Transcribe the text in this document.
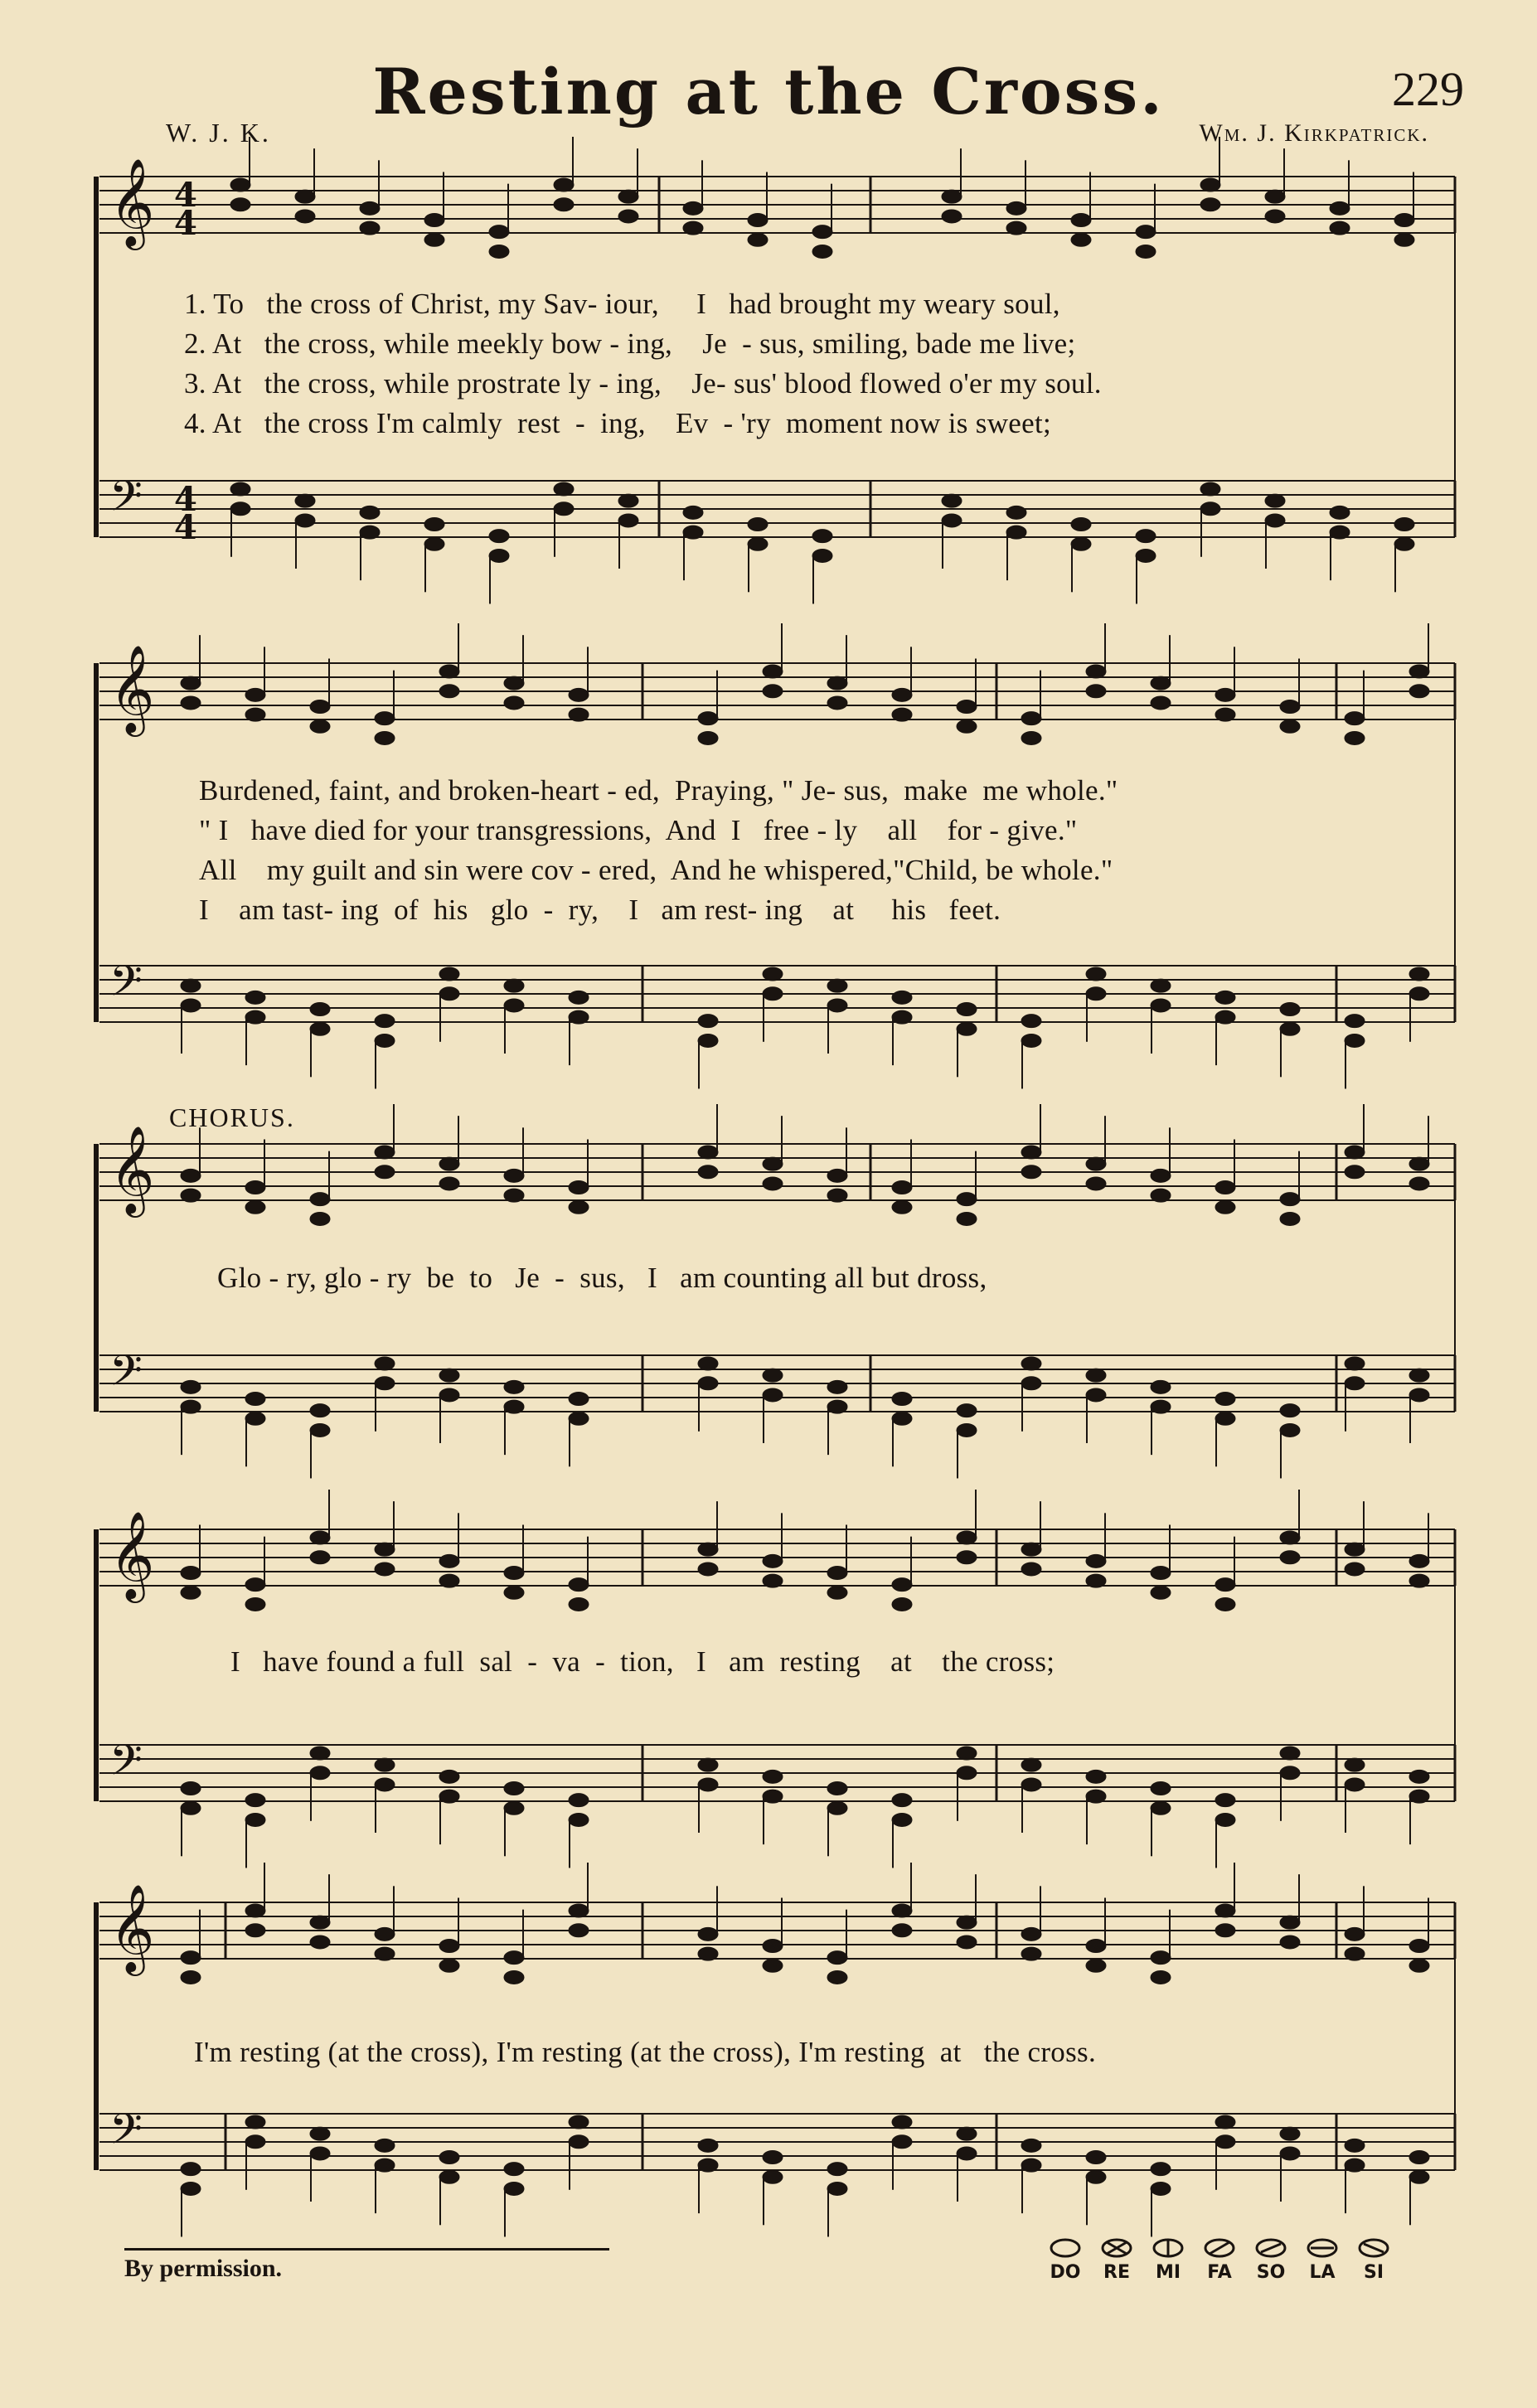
Resting at the Cross.	229
W. J. K.	Wm. J. Kirkpatrick.
𝄞 4
4
𝄢 4
4
𝄞
𝄢
𝄞
𝄢
𝄞
𝄢
𝄞
𝄢
1. To   the cross of Christ, my Sav- iour,     I   had brought my weary soul,
2. At   the cross, while meekly bow - ing,    Je  - sus, smiling, bade me live;
3. At   the cross, while prostrate ly - ing,    Je- sus' blood flowed o'er my soul.
4. At   the cross I'm calmly  rest  -  ing,    Ev  - 'ry  moment now is sweet;
Burdened, faint, and broken-heart - ed,  Praying, " Je- sus,  make  me whole."
" I   have died for your transgressions,  And  I   free - ly    all    for - give."
All    my guilt and sin were cov - ered,  And he whispered,"Child, be whole."
I    am tast- ing  of  his   glo  -  ry,    I   am rest- ing    at     his   feet.
CHORUS.
Glo - ry, glo - ry  be  to   Je  -  sus,   I   am counting all but dross,
I   have found a full  sal  -  va  -  tion,   I   am  resting    at    the cross;
I'm resting (at the cross), I'm resting (at the cross), I'm resting  at   the cross.
By permission.	DO	RE	MI	FA	SO	LA	SI
